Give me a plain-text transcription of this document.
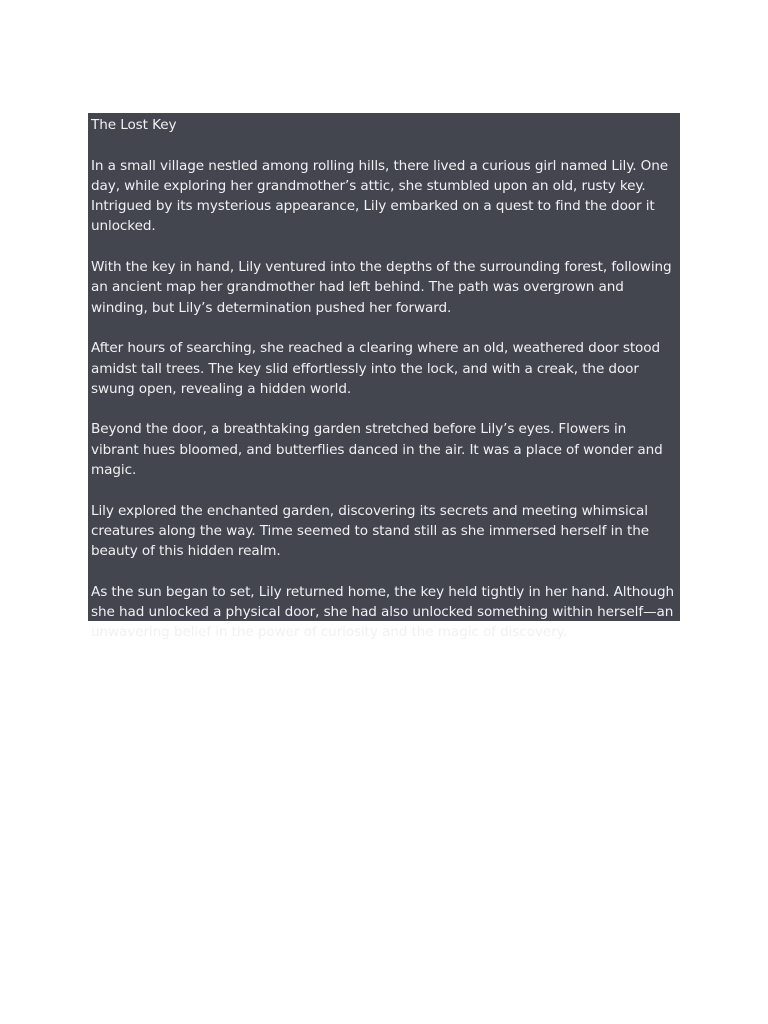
The Lost Key

In a small village nestled among rolling hills, there lived a curious girl named Lily. One day, while exploring her grandmother’s attic, she stumbled upon an old, rusty key. Intrigued by its mysterious appearance, Lily embarked on a quest to find the door it unlocked.

With the key in hand, Lily ventured into the depths of the surrounding forest, following an ancient map her grandmother had left behind. The path was overgrown and winding, but Lily’s determination pushed her forward.

After hours of searching, she reached a clearing where an old, weathered door stood amidst tall trees. The key slid effortlessly into the lock, and with a creak, the door swung open, revealing a hidden world.

Beyond the door, a breathtaking garden stretched before Lily’s eyes. Flowers in vibrant hues bloomed, and butterflies danced in the air. It was a place of wonder and magic.

Lily explored the enchanted garden, discovering its secrets and meeting whimsical creatures along the way. Time seemed to stand still as she immersed herself in the beauty of this hidden realm.

As the sun began to set, Lily returned home, the key held tightly in her hand. Although she had unlocked a physical door, she had also unlocked something within herself—an unwavering belief in the power of curiosity and the magic of discovery.
